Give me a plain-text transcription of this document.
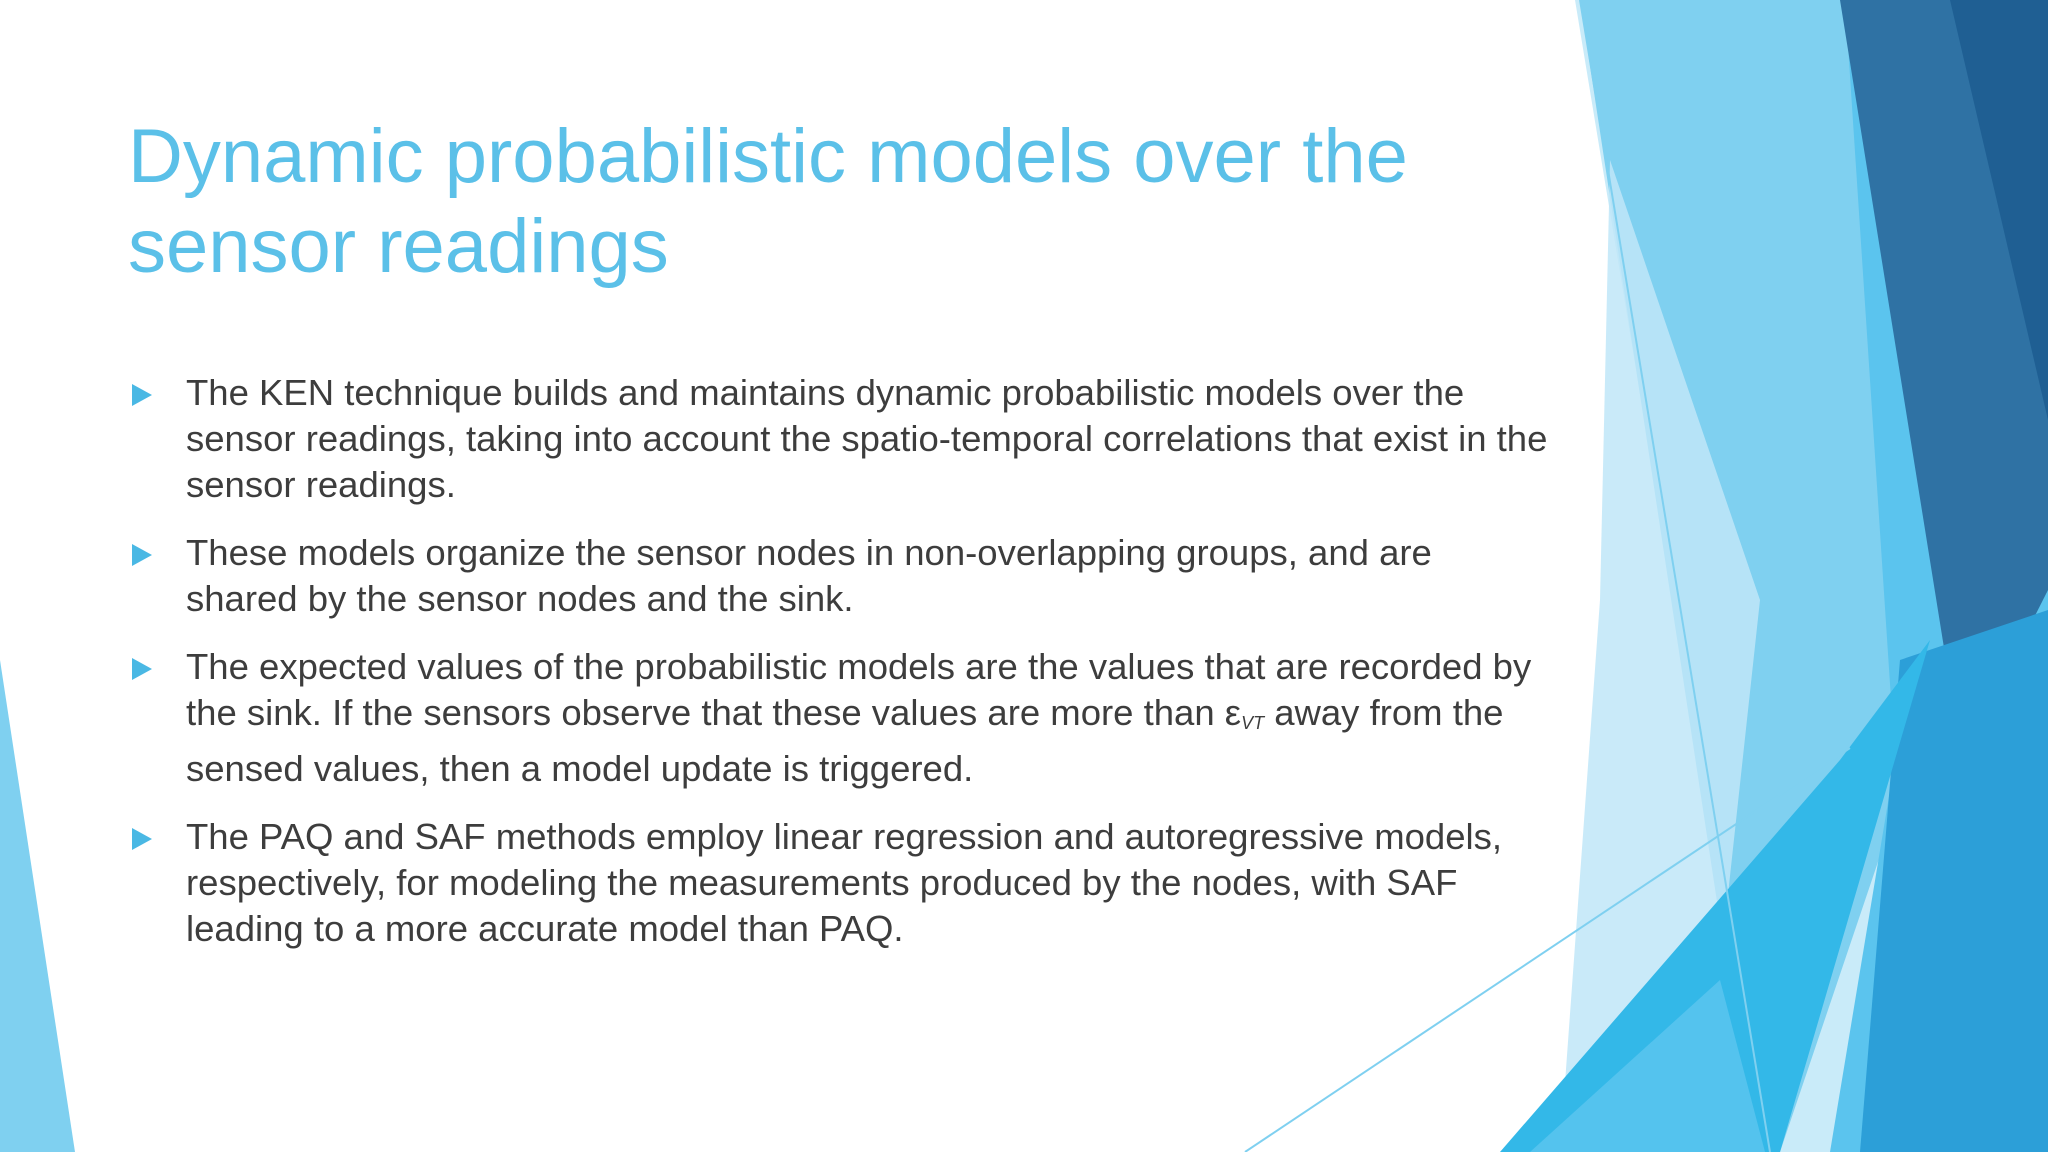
Dynamic probabilistic models over the sensor readings
The KEN technique builds and maintains dynamic probabilistic models over the sensor readings, taking into account the spatio-temporal correlations that exist in the sensor readings.
These models organize the sensor nodes in non-overlapping groups, and are shared by the sensor nodes and the sink.
The expected values of the probabilistic models are the values that are recorded by the sink. If the sensors observe that these values are more than $\varepsilon_{VT}$ away from the sensed values, then a model update is triggered.
The PAQ and SAF methods employ linear regression and autoregressive models, respectively, for modeling the measurements produced by the nodes, with SAF leading to a more accurate model than PAQ.
